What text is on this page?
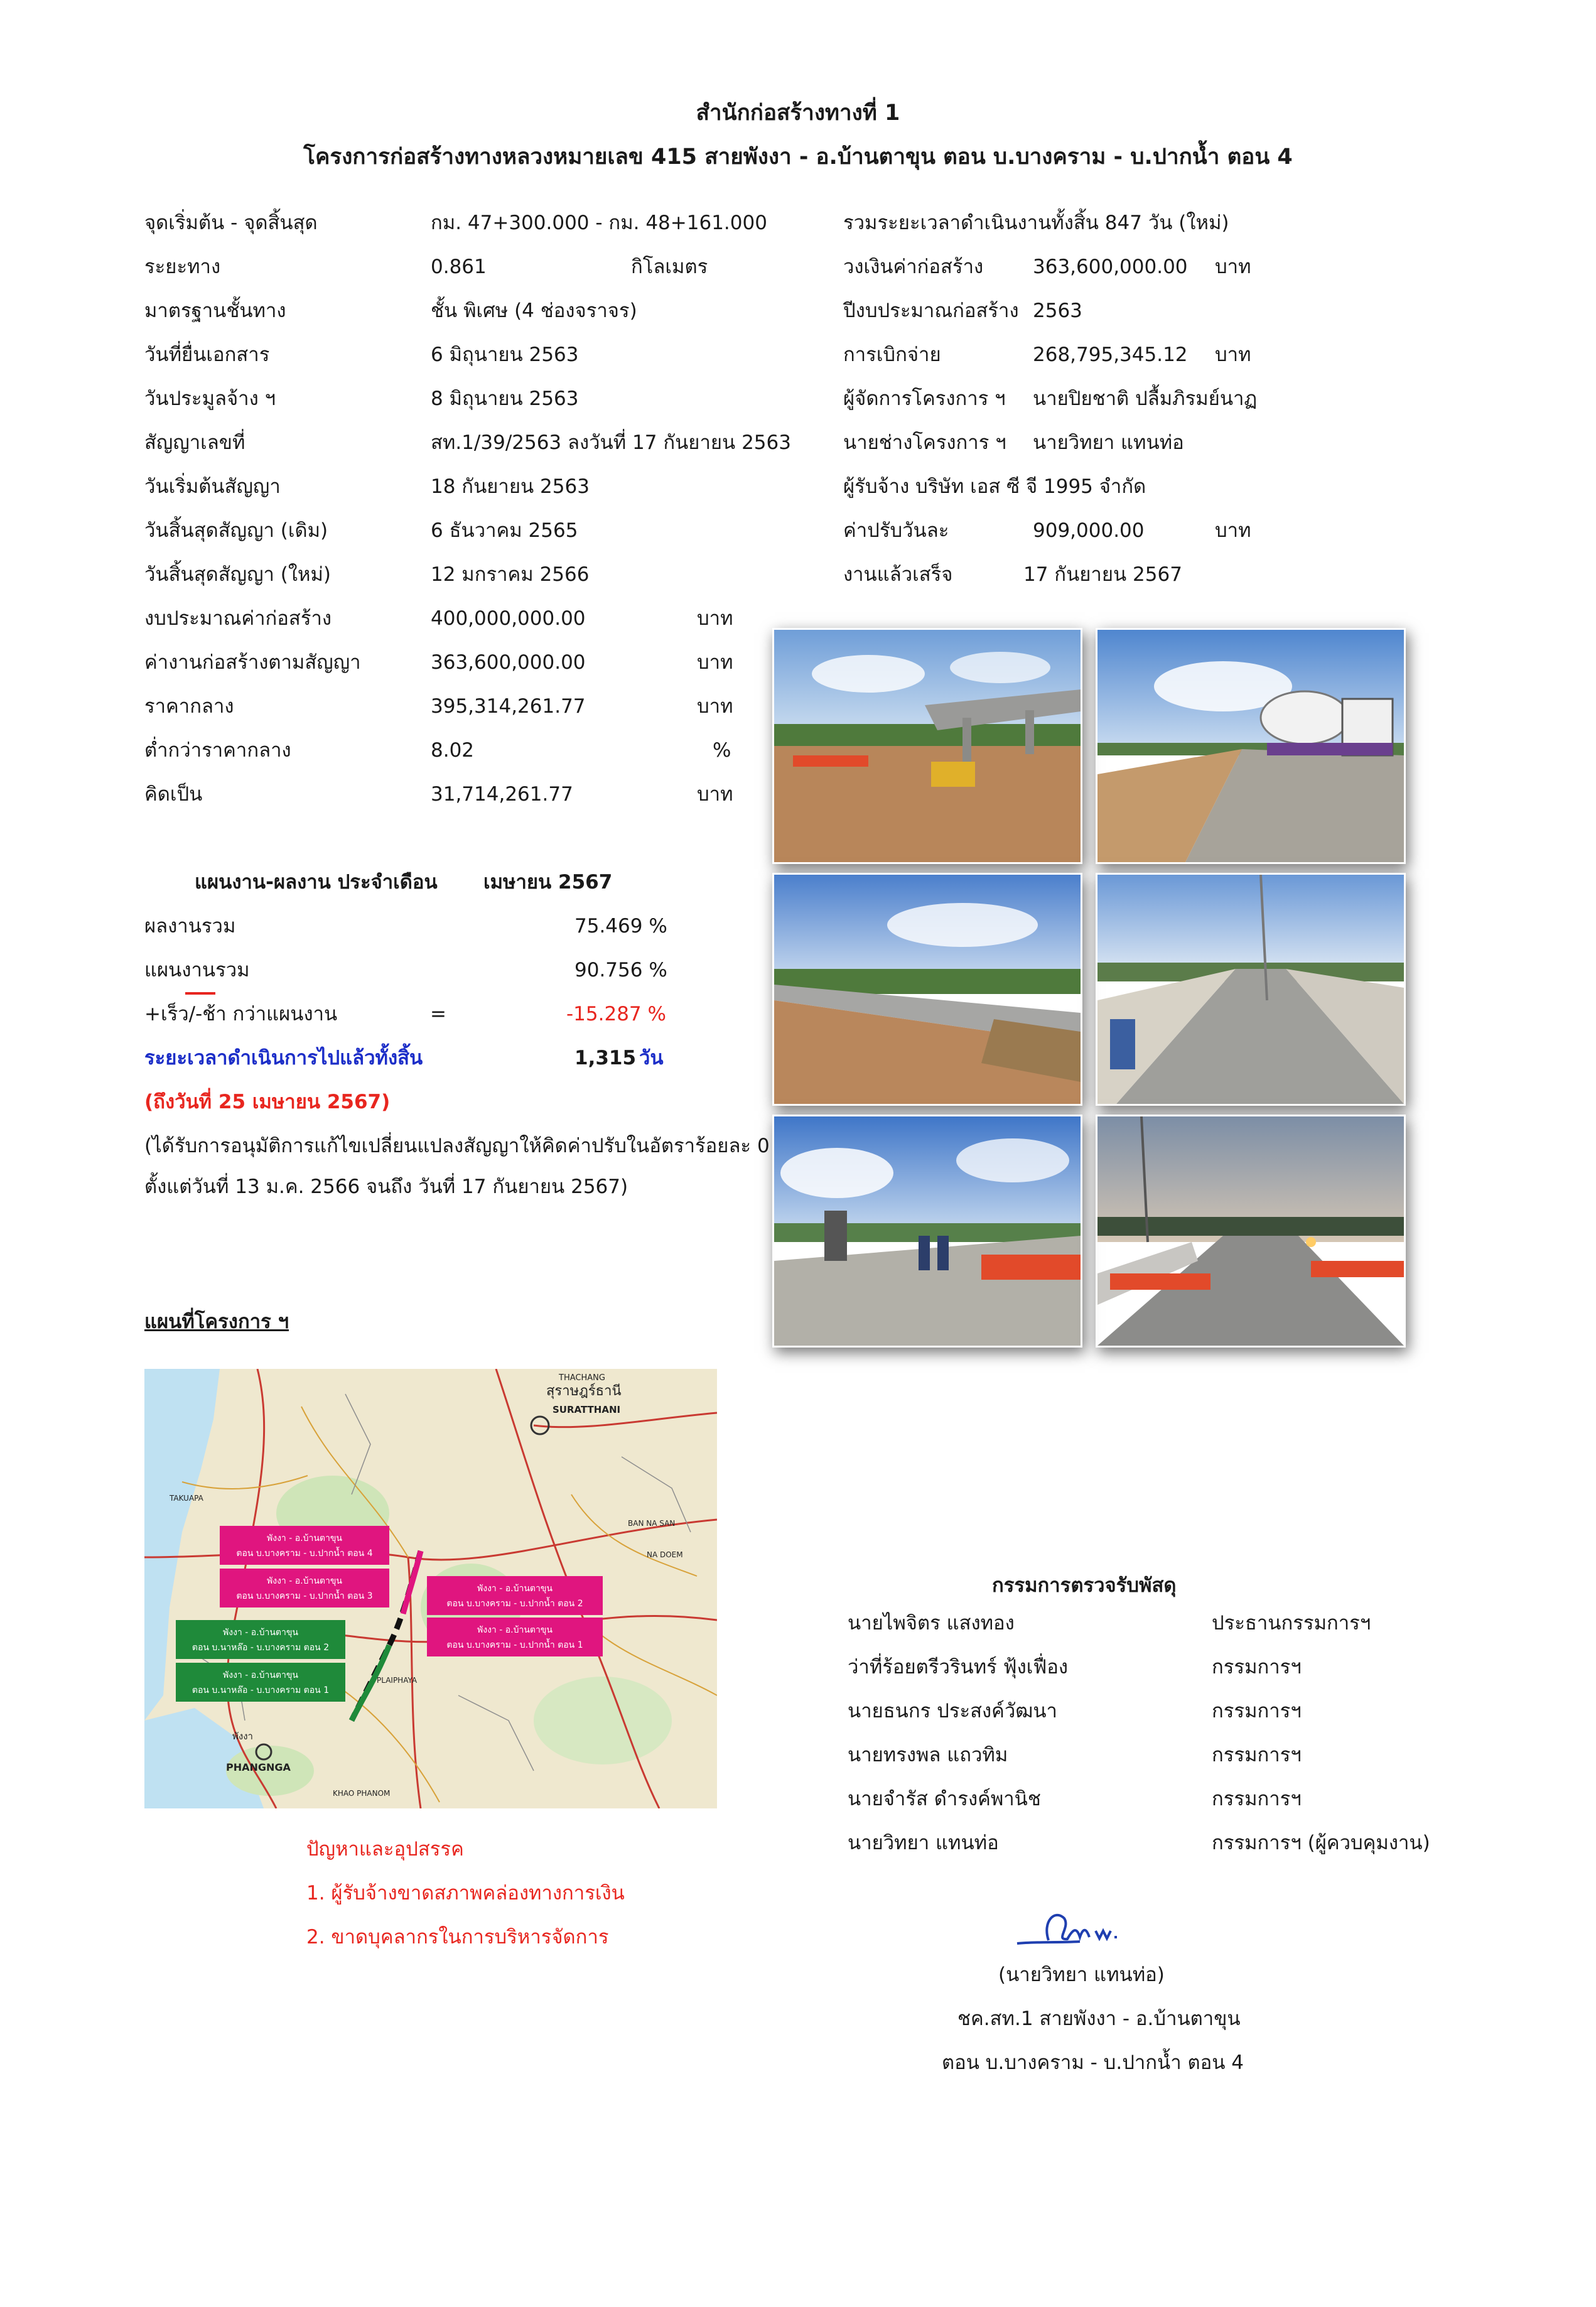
สำนักก่อสร้างทางที่ 1
โครงการก่อสร้างทางหลวงหมายเลข 415 สายพังงา - อ.บ้านตาขุน ตอน บ.บางคราม - บ.ปากน้ำ ตอน 4
จุดเริ่มต้น - จุดสิ้นสุด	กม. 47+300.000 - กม. 48+161.000
ระยะทาง	0.861	กิโลเมตร
มาตรฐานชั้นทาง	ชั้น พิเศษ (4 ช่องจราจร)
วันที่ยื่นเอกสาร	6 มิถุนายน 2563
วันประมูลจ้าง ฯ	8 มิถุนายน 2563
สัญญาเลขที่	สท.1/39/2563 ลงวันที่ 17 กันยายน 2563
วันเริ่มต้นสัญญา	18 กันยายน 2563
วันสิ้นสุดสัญญา (เดิม)	6 ธันวาคม 2565
วันสิ้นสุดสัญญา (ใหม่)	12 มกราคม 2566
งบประมาณค่าก่อสร้าง	400,000,000.00	บาท
ค่างานก่อสร้างตามสัญญา	363,600,000.00	บาท
ราคากลาง	395,314,261.77	บาท
ต่ำกว่าราคากลาง	8.02	%
คิดเป็น	31,714,261.77	บาท
รวมระยะเวลาดำเนินงานทั้งสิ้น 847 วัน (ใหม่)
วงเงินค่าก่อสร้าง	363,600,000.00 บาท
ปีงบประมาณก่อสร้าง 2563
การเบิกจ่าย	268,795,345.12 บาท
ผู้จัดการโครงการ ฯ นายปิยชาติ ปลื้มภิรมย์นาฏ
นายช่างโครงการ ฯ นายวิทยา แทนท่อ
ผู้รับจ้าง บริษัท เอส ซี จี 1995 จำกัด
ค่าปรับวันละ	909,000.00	บาท
งานแล้วเสร็จ	17 กันยายน 2567
แผนงาน-ผลงาน ประจำเดือน เมษายน 2567
ผลงานรวม	75.469 %
แผนงานรวม	90.756 %
+เร็ว/-ช้า กว่าแผนงาน	=	-15.287 %
ระยะเวลาดำเนินการไปแล้วทั้งสิ้น	1,315 วัน
(ถึงวันที่ 25 เมษายน 2567)
(ได้รับการอนุมัติการแก้ไขเปลี่ยนแปลงสัญญาให้คิดค่าปรับในอัตราร้อยละ 0
ตั้งแต่วันที่ 13 ม.ค. 2566 จนถึง วันที่ 17 กันยายน 2567)
แผนที่โครงการ ฯ
พังงา - อ.บ้านตาขุน
ตอน บ.บางคราม - บ.ปากน้ำ ตอน 4
พังงา - อ.บ้านตาขุน
ตอน บ.บางคราม - บ.ปากน้ำ ตอน 3
พังงา - อ.บ้านตาขุน
ตอน บ.บางคราม - บ.ปากน้ำ ตอน 2
พังงา - อ.บ้านตาขุน
ตอน บ.บางคราม - บ.ปากน้ำ ตอน 1
พังงา - อ.บ้านตาขุน
ตอน บ.นาหล๊อ - บ.บางคราม ตอน 2
พังงา - อ.บ้านตาขุน
ตอน บ.นาหล๊อ - บ.บางคราม ตอน 1
สุราษฎร์ธานี
SURATTHANI
THACHANG
PHANGNGA
พังงา
TAKUAPA
KHAO PHANOM
PLAIPHAYA
BAN NA SAN
NA DOEM
ปัญหาและอุปสรรค
1. ผู้รับจ้างขาดสภาพคล่องทางการเงิน
2. ขาดบุคลากรในการบริหารจัดการ
กรรมการตรวจรับพัสดุ
นายไพจิตร แสงทอง	ประธานกรรมการฯ
ว่าที่ร้อยตรีวรินทร์ ฟุ้งเฟื่อง	กรรมการฯ
นายธนกร ประสงค์วัฒนา	กรรมการฯ
นายทรงพล แถวทิม	กรรมการฯ
นายจำรัส ดำรงค์พานิช	กรรมการฯ
นายวิทยา แทนท่อ	กรรมการฯ (ผู้ควบคุมงาน)
(นายวิทยา แทนท่อ)
ชค.สท.1 สายพังงา - อ.บ้านตาขุน
ตอน บ.บางคราม - บ.ปากน้ำ ตอน 4
